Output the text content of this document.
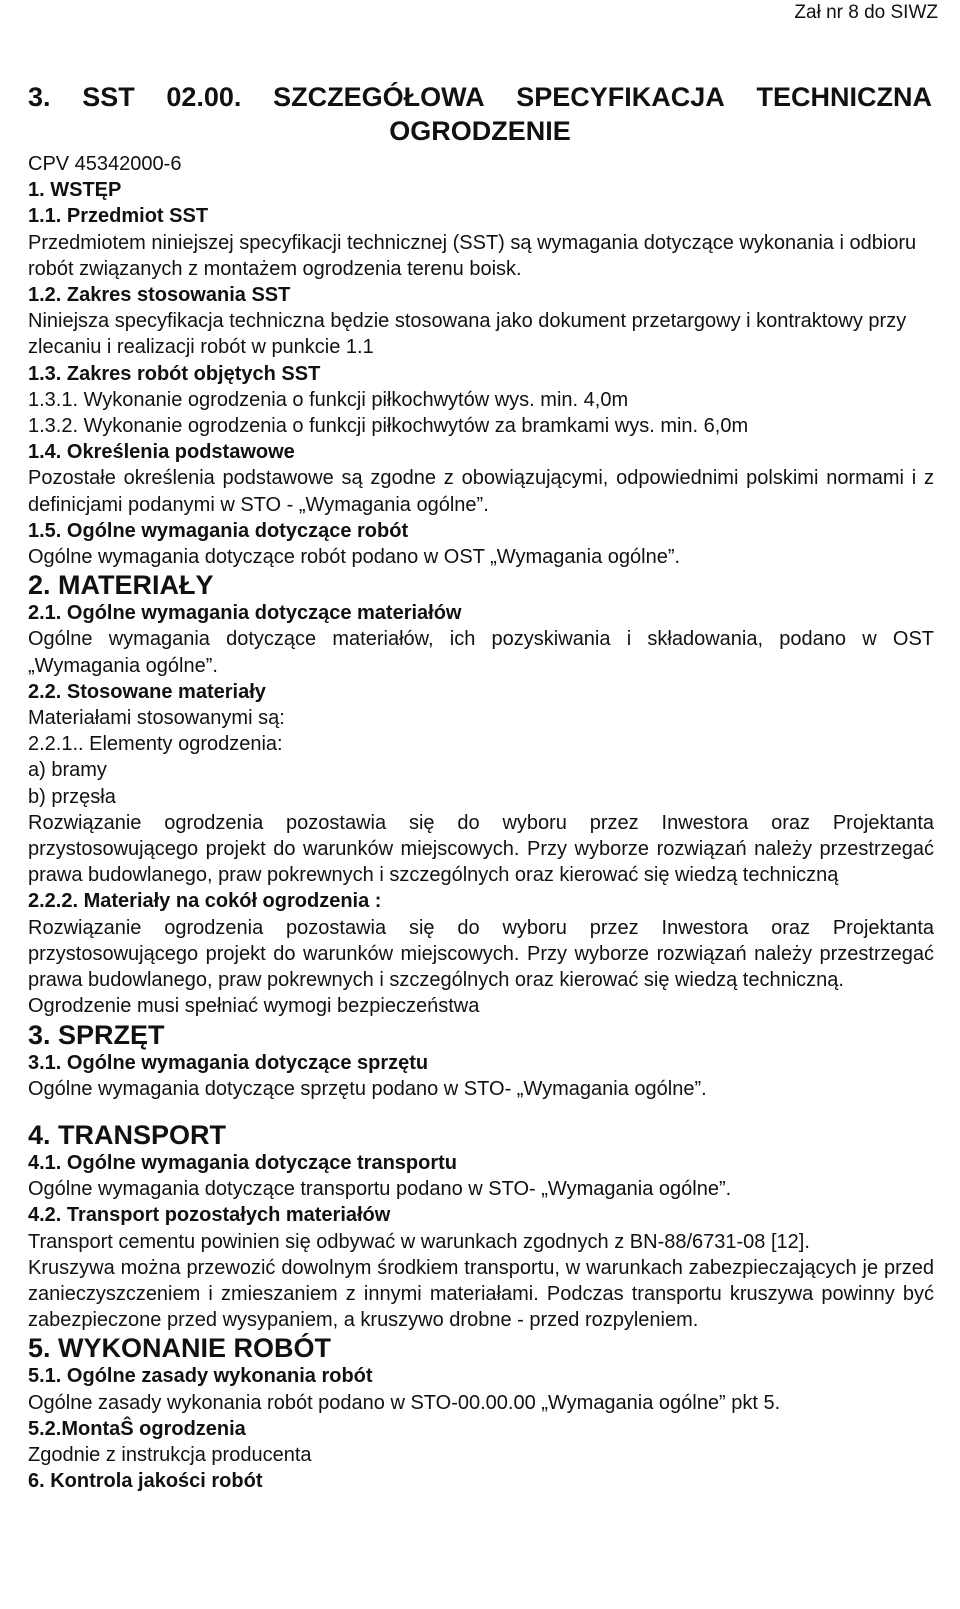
Zał nr 8 do SIWZ
3. SST 02.00. SZCZEGÓŁOWA SPECYFIKACJA TECHNICZNA
OGRODZENIE

CPV 45342000-6

1. WSTĘP

1.1. Przedmiot SST

Przedmiotem niniejszej specyfikacji technicznej (SST) są wymagania dotyczące wykonania i odbioru robót związanych z montażem ogrodzenia terenu boisk.

1.2. Zakres stosowania SST

Niniejsza specyfikacja techniczna będzie stosowana jako dokument przetargowy i kontraktowy przy zlecaniu i realizacji robót w punkcie 1.1

1.3. Zakres robót objętych SST

1.3.1. Wykonanie ogrodzenia o funkcji piłkochwytów wys. min. 4,0m

1.3.2. Wykonanie ogrodzenia o funkcji piłkochwytów za bramkami wys. min. 6,0m

1.4. Określenia podstawowe

Pozostałe określenia podstawowe są zgodne z obowiązującymi, odpowiednimi polskimi normami i z definicjami podanymi w STO - „Wymagania ogólne”.

1.5. Ogólne wymagania dotyczące robót

Ogólne wymagania dotyczące robót podano w OST „Wymagania ogólne”.

2. MATERIAŁY

2.1. Ogólne wymagania dotyczące materiałów

Ogólne wymagania dotyczące materiałów, ich pozyskiwania i składowania, podano w OST „Wymagania ogólne”.

2.2. Stosowane materiały

Materiałami stosowanymi są:

2.2.1.. Elementy ogrodzenia:

a) bramy

b) przęsła

Rozwiązanie ogrodzenia pozostawia się do wyboru przez Inwestora oraz Projektanta przystosowującego projekt do warunków miejscowych. Przy wyborze rozwiązań należy przestrzegać prawa budowlanego, praw pokrewnych i szczególnych oraz kierować się wiedzą techniczną

2.2.2. Materiały na cokół ogrodzenia :

Rozwiązanie ogrodzenia pozostawia się do wyboru przez Inwestora oraz Projektanta przystosowującego projekt do warunków miejscowych. Przy wyborze rozwiązań należy przestrzegać prawa budowlanego, praw pokrewnych i szczególnych oraz kierować się wiedzą techniczną.

Ogrodzenie musi spełniać wymogi bezpieczeństwa

3. SPRZĘT

3.1. Ogólne wymagania dotyczące sprzętu

Ogólne wymagania dotyczące sprzętu podano w STO- „Wymagania ogólne”.

4. TRANSPORT

4.1. Ogólne wymagania dotyczące transportu

Ogólne wymagania dotyczące transportu podano w STO- „Wymagania ogólne”.

4.2. Transport pozostałych materiałów

Transport cementu powinien się odbywać w warunkach zgodnych z BN-88/6731-08 [12].

Kruszywa można przewozić dowolnym środkiem transportu, w warunkach zabezpieczających je przed zanieczyszczeniem i zmieszaniem z innymi materiałami. Podczas transportu kruszywa powinny być zabezpieczone przed wysypaniem, a kruszywo drobne - przed rozpyleniem.

5. WYKONANIE ROBÓT

5.1. Ogólne zasady wykonania robót

Ogólne zasady wykonania robót podano w STO-00.00.00 „Wymagania ogólne” pkt 5.

5.2.MontaŜ ogrodzenia

Zgodnie z instrukcja producenta

6. Kontrola jakości robót
